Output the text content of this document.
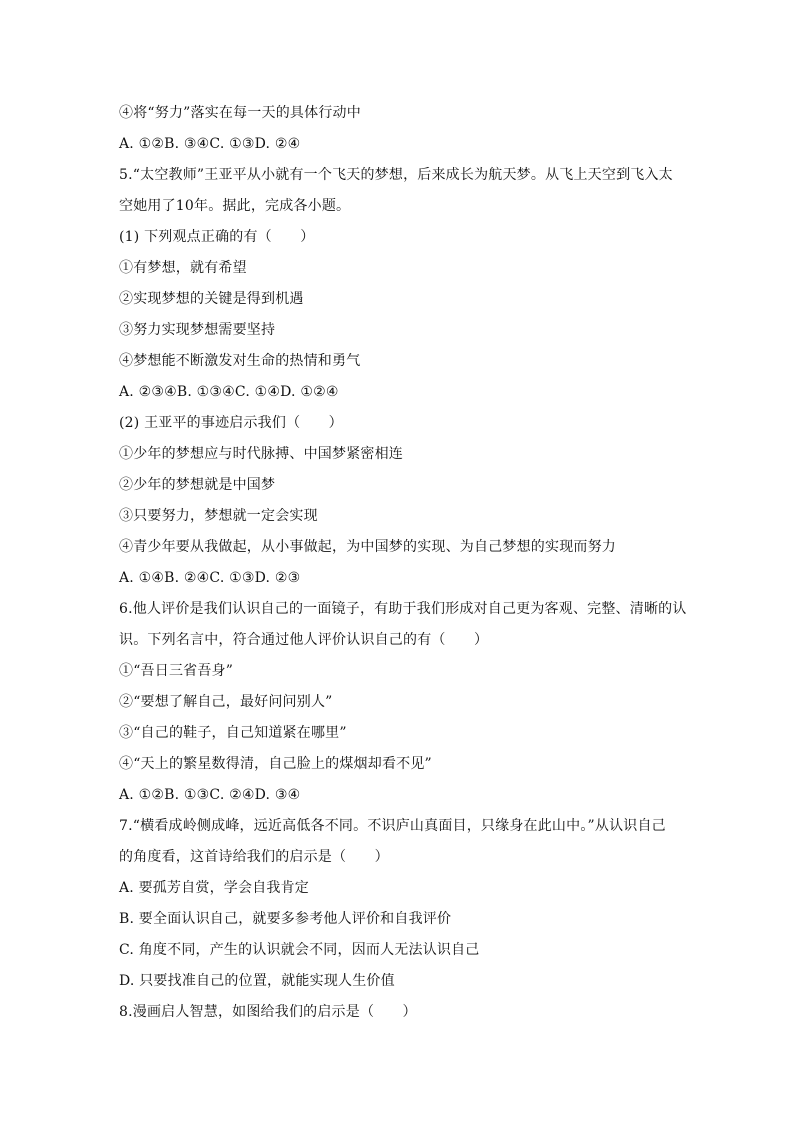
④将“努力”落实在每一天的具体行动中
A. ①②B. ③④C. ①③D. ②④
5.“太空教师”王亚平从小就有一个飞天的梦想，后来成长为航天梦。从飞上天空到飞入太
空她用了10年。据此，完成各小题。
(1) 下列观点正确的有（　　）
①有梦想，就有希望
②实现梦想的关键是得到机遇
③努力实现梦想需要坚持
④梦想能不断激发对生命的热情和勇气
A. ②③④B. ①③④C. ①④D. ①②④
(2) 王亚平的事迹启示我们（　　）
①少年的梦想应与时代脉搏、中国梦紧密相连
②少年的梦想就是中国梦
③只要努力，梦想就一定会实现
④青少年要从我做起，从小事做起，为中国梦的实现、为自己梦想的实现而努力
A. ①④B. ②④C. ①③D. ②③
6.他人评价是我们认识自己的一面镜子，有助于我们形成对自己更为客观、完整、清晰的认
识。下列名言中，符合通过他人评价认识自己的有（　　）
①“吾日三省吾身”
②“要想了解自己，最好问问别人”
③“自己的鞋子，自己知道紧在哪里”
④“天上的繁星数得清，自己脸上的煤烟却看不见”
A. ①②B. ①③C. ②④D. ③④
7.“横看成岭侧成峰，远近高低各不同。不识庐山真面目，只缘身在此山中。”从认识自己
的角度看，这首诗给我们的启示是（　　）
A. 要孤芳自赏，学会自我肯定
B. 要全面认识自己，就要多参考他人评价和自我评价
C. 角度不同，产生的认识就会不同，因而人无法认识自己
D. 只要找准自己的位置，就能实现人生价值
8.漫画启人智慧，如图给我们的启示是（　　）
